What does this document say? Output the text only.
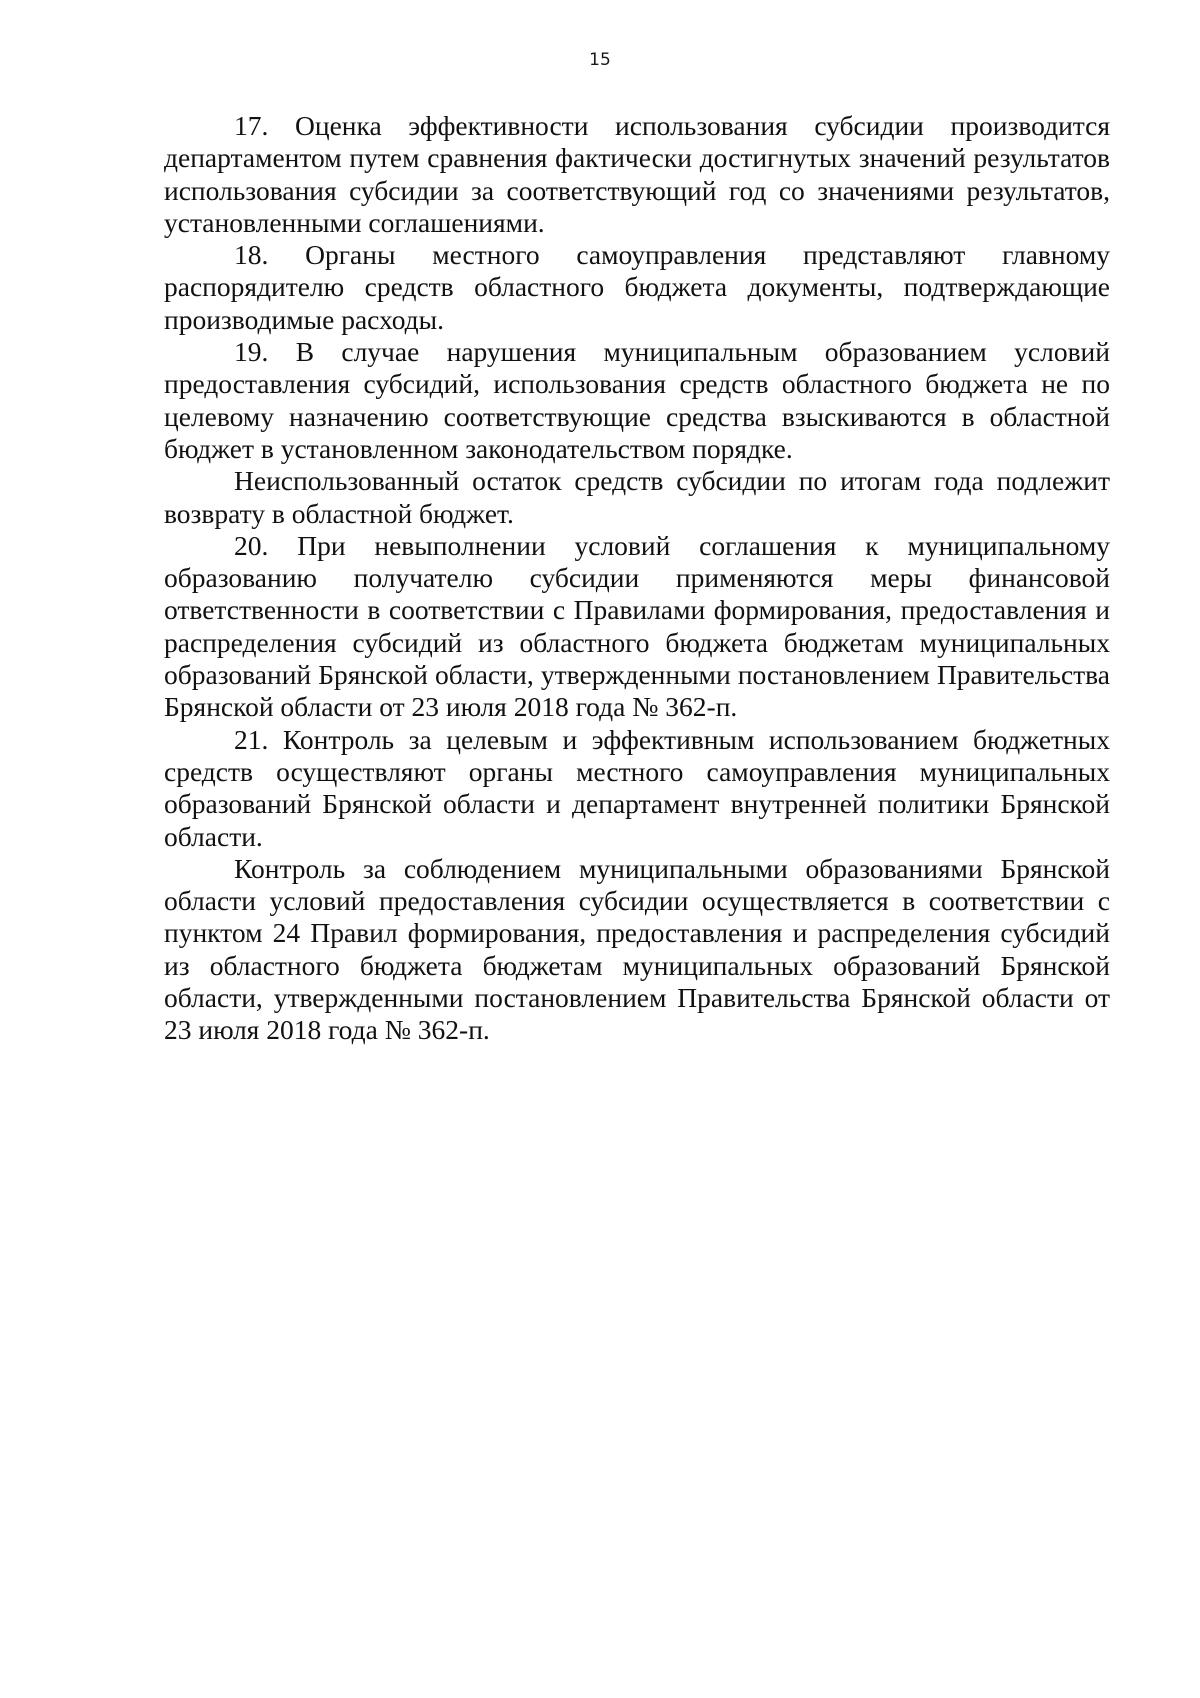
15

17. Оценка эффективности использования субсидии производится департаментом путем сравнения фактически достигнутых значений результатов использования субсидии за соответствующий год со значениями результатов, установленными соглашениями.

18. Органы местного самоуправления представляют главному распорядителю средств областного бюджета документы, подтверждающие производимые расходы.

19. В случае нарушения муниципальным образованием условий предоставления субсидий, использования средств областного бюджета не по целевому назначению соответствующие средства взыскиваются в областной бюджет в установленном законодательством порядке.

Неиспользованный остаток средств субсидии по итогам года подлежит возврату в областной бюджет.

20. При невыполнении условий соглашения к муниципальному образованию получателю субсидии применяются меры финансовой ответственности в соответствии с Правилами формирования, предоставления и распределения субсидий из областного бюджета бюджетам муниципальных образований Брянской области, утвержденными постановлением Правительства Брянской области от 23 июля 2018 года № 362-п.

21. Контроль за целевым и эффективным использованием бюджетных средств осуществляют органы местного самоуправления муниципальных образований Брянской области и департамент внутренней политики Брянской области.

Контроль за соблюдением муниципальными образованиями Брянской области условий предоставления субсидии осуществляется в соответствии с пунктом 24 Правил формирования, предоставления и распределения субсидий из областного бюджета бюджетам муниципальных образований Брянской области, утвержденными постановлением Правительства Брянской области от 23 июля 2018 года № 362-п.
